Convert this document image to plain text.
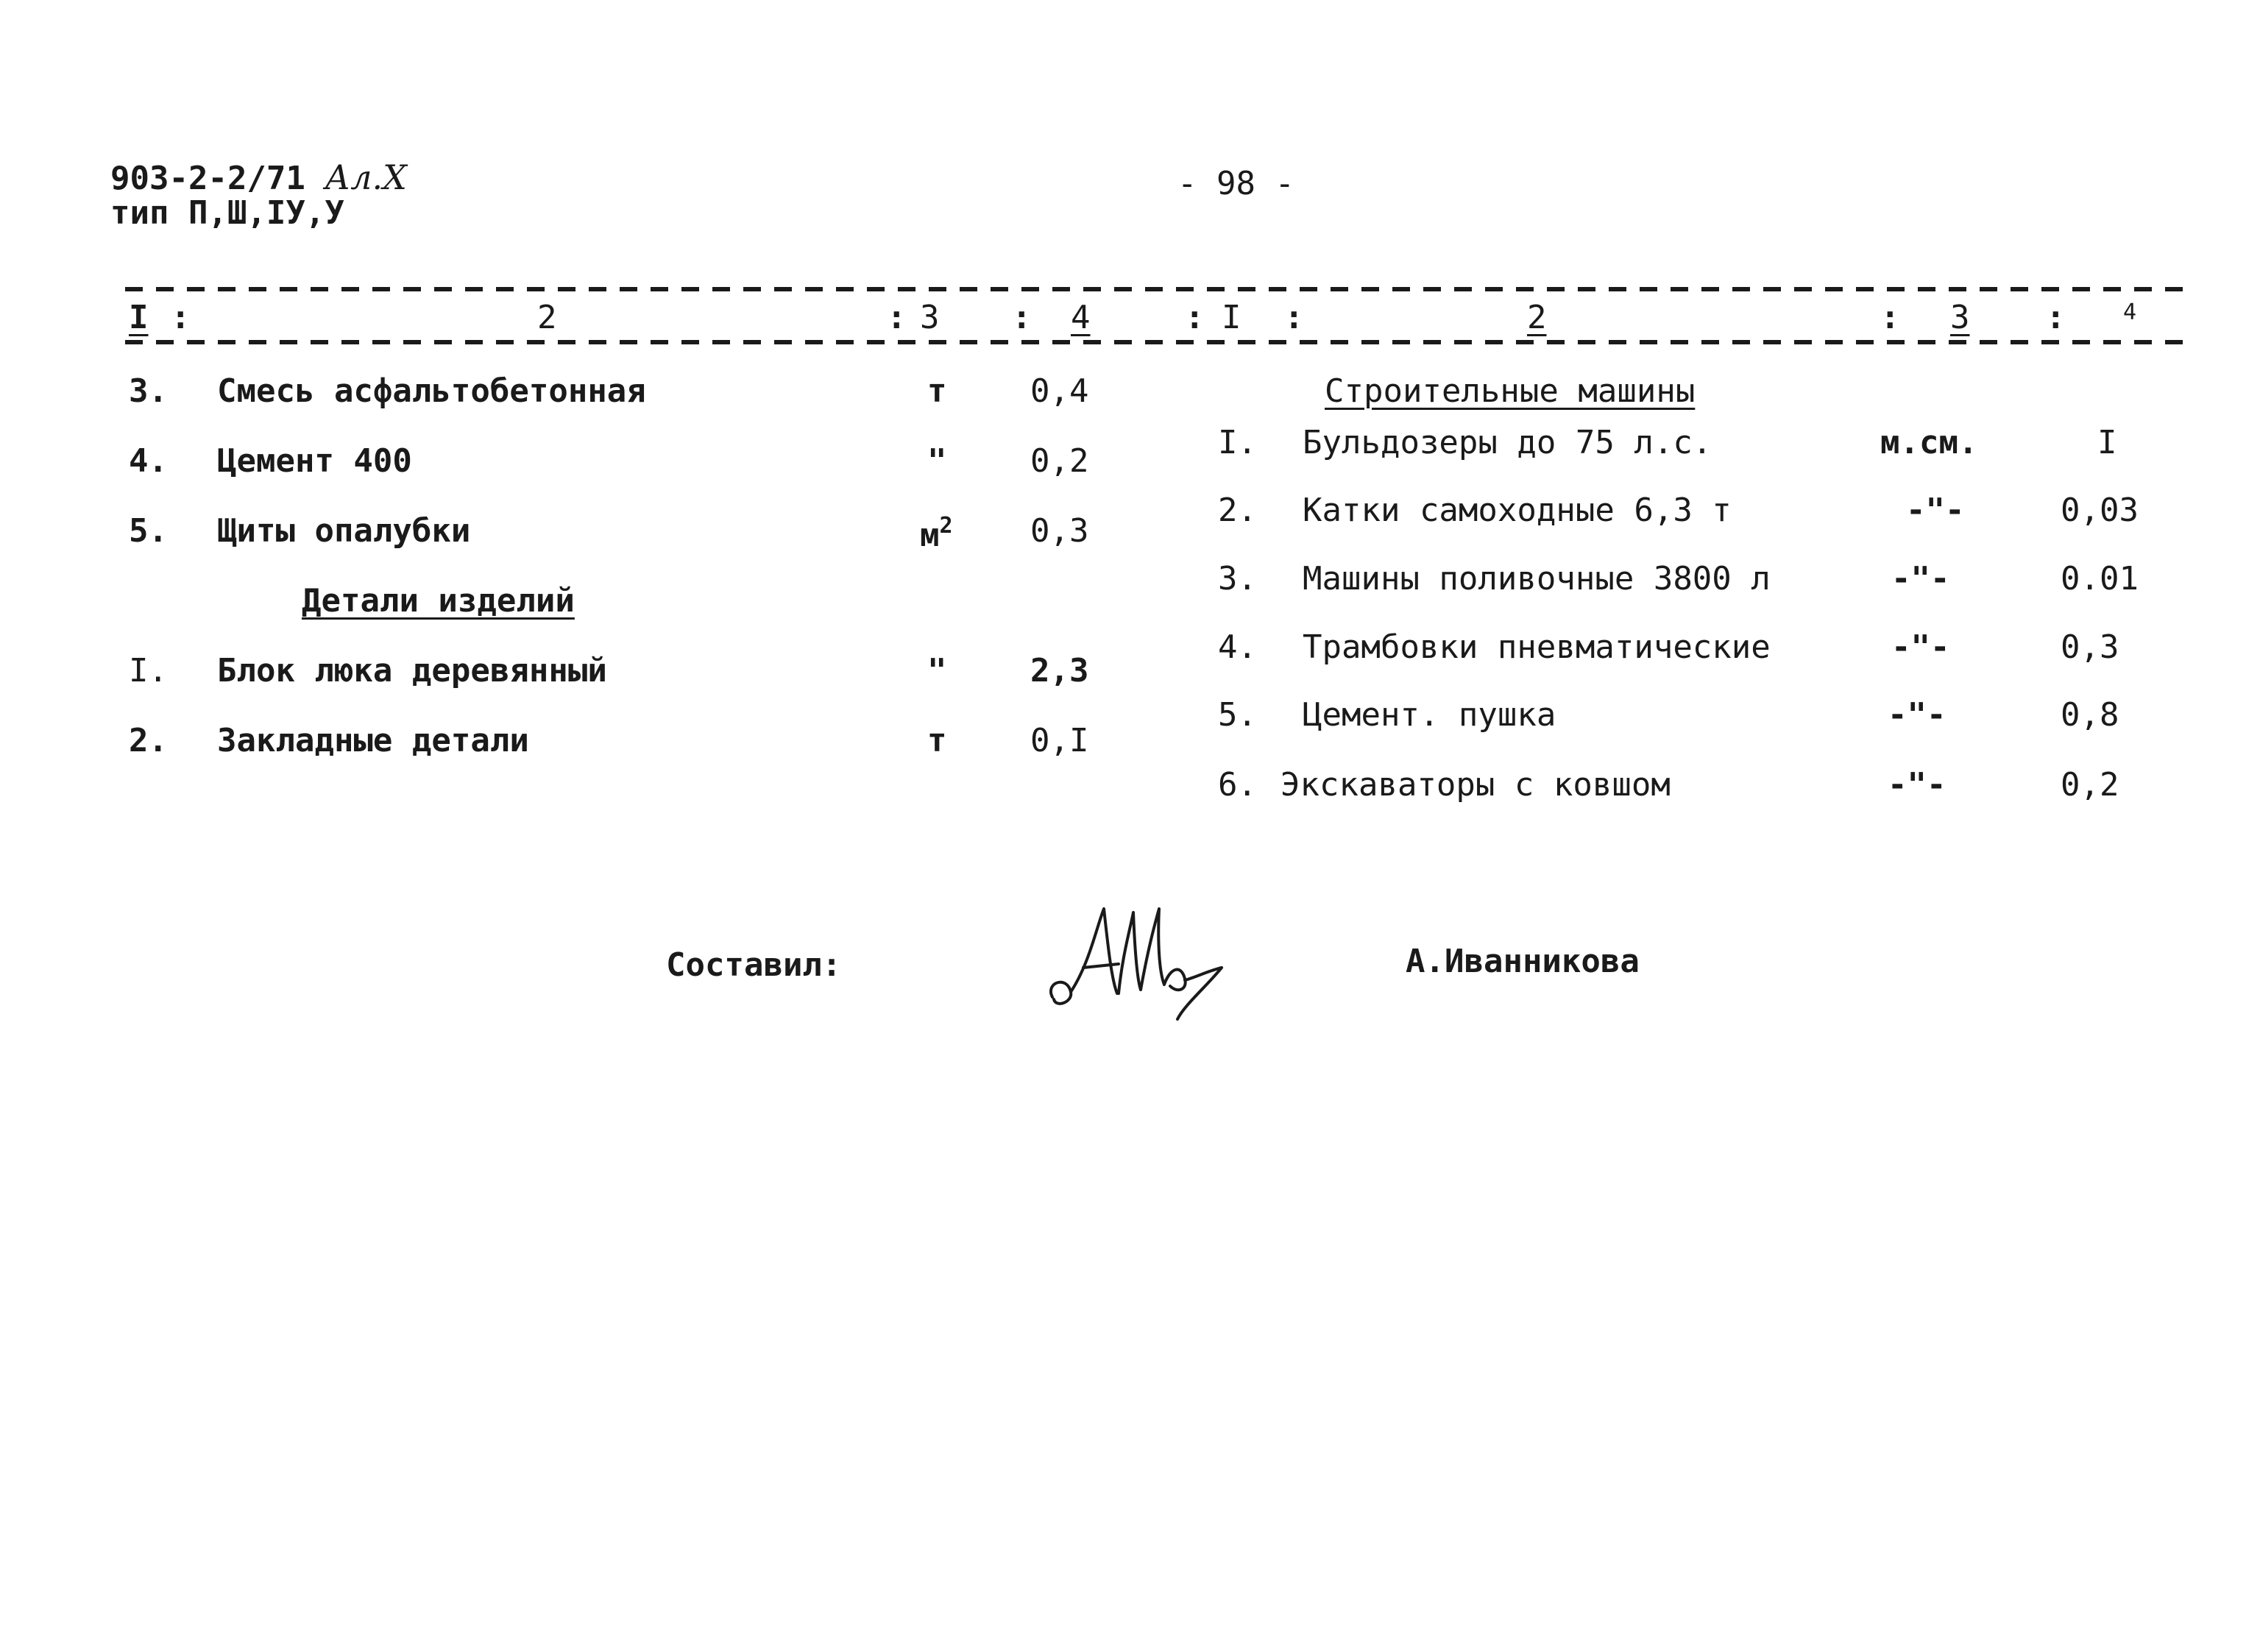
903-2-2/71 Ал.Х
тип П,Ш,IУ,У
- 98 -
I :	2	: 3 : 4	: I :	2	: 3 :	4
3. Смесь асфальтобетонная	т	0,4
4. Цемент 400	"	0,2
5. Щиты опалубки	$м^2$ 0,3
Детали изделий
I. Блок люка деревянный	"	2,3
2. Закладные детали	т	0,I
Строительные машины
I. Бульдозеры до 75 л.с.	м.см.	I
2. Катки самоходные 6,3 т	-"-	0,03
3. Машины поливочные 3800 л	-"-	0.01
4. Трамбовки пневматические	-"-	0,3
5. Цемент. пушка	-"-	0,8
6. Экскаваторы с ковшом	-"-	0,2
Составил:	А.Иванникова
